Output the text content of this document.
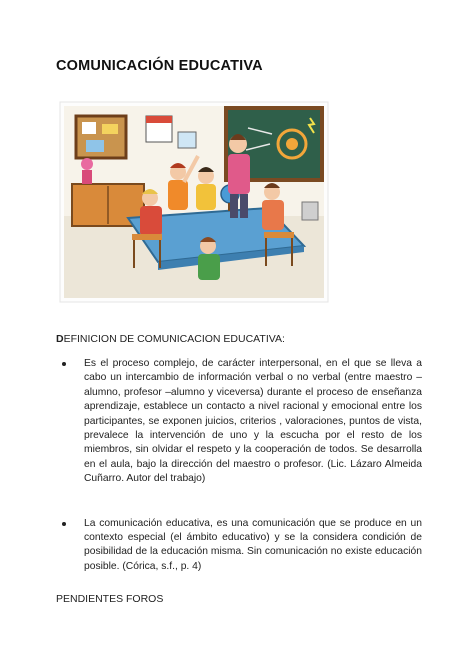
COMUNICACIÓN EDUCATIVA
DEFINICION DE COMUNICACION EDUCATIVA:
Es el proceso complejo, de carácter interpersonal, en el que se lleva a cabo un intercambio de información verbal o no verbal (entre maestro – alumno, profesor –alumno y viceversa) durante el proceso de enseñanza aprendizaje, establece un contacto a nivel racional y emocional entre los participantes, se exponen juicios, criterios , valoraciones, puntos de vista, prevalece la intervención de uno y la escucha por el resto de los miembros, sin olvidar el respeto y la cooperación de todos. Se desarrolla en el aula, bajo la dirección del maestro o profesor. (Lic. Lázaro Almeida Cuñarro. Autor del trabajo)
La comunicación educativa, es una comunicación que se produce en un contexto especial (el ámbito educativo) y se la considera condición de posibilidad de la educación misma. Sin comunicación no existe educación posible. (Córica, s.f., p. 4)
PENDIENTES FOROS
